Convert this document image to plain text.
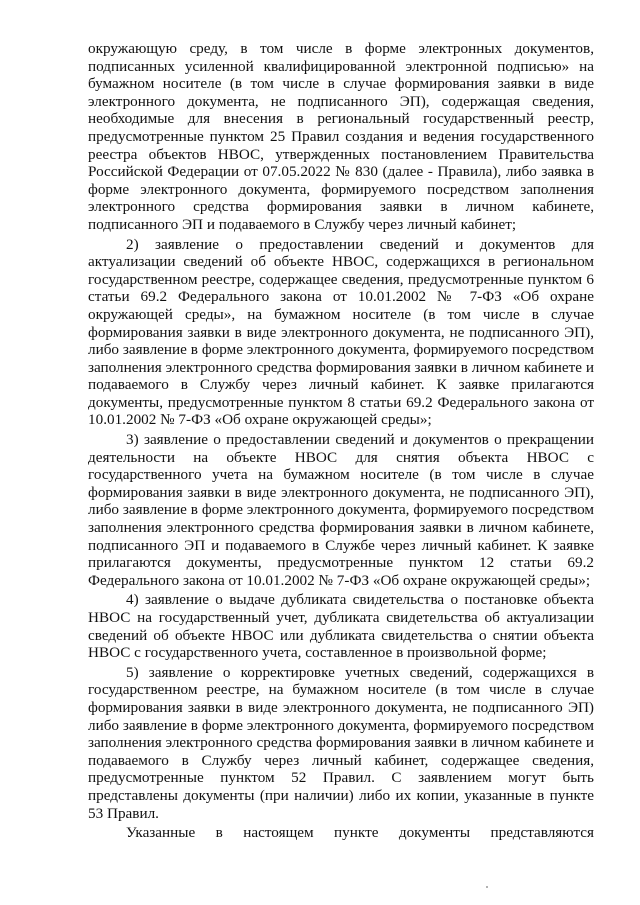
окружающую среду, в том числе в форме электронных документов, подписанных усиленной квалифицированной электронной подписью» на бумажном носителе (в том числе в случае формирования заявки в виде электронного документа, не подписанного ЭП), содержащая сведения, необходимые для внесения в региональный государственный реестр, предусмотренные пунктом 25 Правил создания и ведения государственного реестра объектов НВОС, утвержденных постановлением Правительства Российской Федерации от 07.05.2022 № 830 (далее - Правила), либо заявка в форме электронного документа, формируемого посредством заполнения электронного средства формирования заявки в личном кабинете, подписанного ЭП и подаваемого в Службу через личный кабинет;

2) заявление о предоставлении сведений и документов для актуализации сведений об объекте НВОС, содержащихся в региональном государственном реестре, содержащее сведения, предусмотренные пунктом 6 статьи 69.2 Федерального закона от 10.01.2002 № 7-ФЗ «Об охране окружающей среды», на бумажном носителе (в том числе в случае формирования заявки в виде электронного документа, не подписанного ЭП), либо заявление в форме электронного документа, формируемого посредством заполнения электронного средства формирования заявки в личном кабинете и подаваемого в Службу через личный кабинет. К заявке прилагаются документы, предусмотренные пунктом 8 статьи 69.2 Федерального закона от 10.01.2002 № 7-ФЗ «Об охране окружающей среды»;

3) заявление о предоставлении сведений и документов о прекращении деятельности на объекте НВОС для снятия объекта НВОС с государственного учета на бумажном носителе (в том числе в случае формирования заявки в виде электронного документа, не подписанного ЭП), либо заявление в форме электронного документа, формируемого посредством заполнения электронного средства формирования заявки в личном кабинете, подписанного ЭП и подаваемого в Службе через личный кабинет. К заявке прилагаются документы, предусмотренные пунктом 12 статьи 69.2 Федерального закона от 10.01.2002 № 7-ФЗ «Об охране окружающей среды»;

4) заявление о выдаче дубликата свидетельства о постановке объекта НВОС на государственный учет, дубликата свидетельства об актуализации сведений об объекте НВОС или дубликата свидетельства о снятии объекта НВОС с государственного учета, составленное в произвольной форме;

5) заявление о корректировке учетных сведений, содержащихся в государственном реестре, на бумажном носителе (в том числе в случае формирования заявки в виде электронного документа, не подписанного ЭП) либо заявление в форме электронного документа, формируемого посредством заполнения электронного средства формирования заявки в личном кабинете и подаваемого в Службу через личный кабинет, содержащее сведения, предусмотренные пунктом 52 Правил. С заявлением могут быть представлены документы (при наличии) либо их копии, указанные в пункте 53 Правил.

Указанные в настоящем пункте документы представляются
